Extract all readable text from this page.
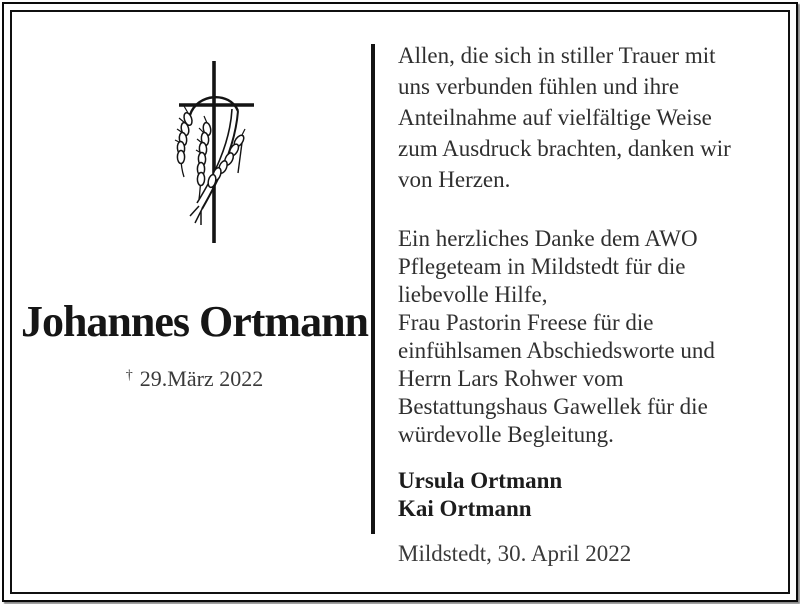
Johannes Ortmann
† 29.März 2022
Allen, die sich in stiller Trauer mit
uns verbunden fühlen und ihre
Anteilnahme auf vielfältige Weise
zum Ausdruck brachten, danken wir
von Herzen.
Ein herzliches Danke dem AWO
Pflegeteam in Mildstedt für die
liebevolle Hilfe,
Frau Pastorin Freese für die
einfühlsamen Abschiedsworte und
Herrn Lars Rohwer vom
Bestattungshaus Gawellek für die
würdevolle Begleitung.
Ursula Ortmann
Kai Ortmann
Mildstedt, 30. April 2022
